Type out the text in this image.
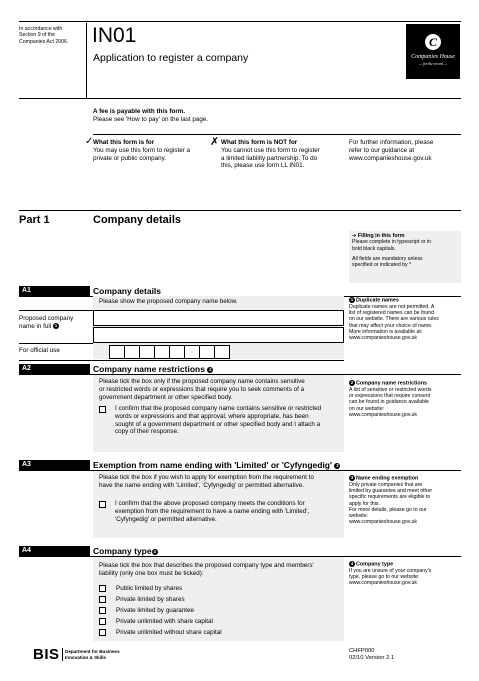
In accordance with
Section 9 of the
Companies Act 2006.	IN01
Application to register a company
C
Companies House
— for the record —
A fee is payable with this form.
Please see 'How to pay' on the last page.
✓ What this form is for
You may use this form to register a
private or public company.
✗ What this form is NOT for
You cannot use this form to register
a limited liability partnership. To do
this, please use form LL IN01.
For further information, please
refer to our guidance at
www.companieshouse.gov.uk
Part 1	Company details
➜ Filling in this form
Please complete in typescript or in
bold black capitals.
All fields are mandatory unless
specified or indicated by *
A1	Company details
Please show the proposed company name below.
Proposed company
name in full 1
For official use
1 Duplicate names
Duplicate names are not permitted. A
list of registered names can be found
on our website. There are various rules
that may affect your choice of name.
More information is available at:
www.companieshouse.gov.uk
A2	Company name restrictions 2
Please tick the box only if the proposed company name contains sensitive
or restricted words or expressions that require you to seek comments of a
government department or other specified body.
I confirm that the proposed company name contains sensitive or restricted
words or expressions and that approval, where appropriate, has been
sought of a government department or other specified body and I attach a
copy of their response.
2 Company name restrictions
A list of sensitive or restricted words
or expressions that require consent
can be found in guidance available
on our website:
www.companieshouse.gov.uk
A3	Exemption from name ending with 'Limited' or 'Cyfyngedig' 3
Please tick the box if you wish to apply for exemption from the requirement to
have the name ending with 'Limited', 'Cyfyngedig' or permitted alternative.
I confirm that the above proposed company meets the conditions for
exemption from the requirement to have a name ending with 'Limited',
'Cyfyngedig' or permitted alternative.
3 Name ending exemption
Only private companies that are
limited by guarantee and meet other
specific requirements are eligible to
apply for this.
For more details, please go to our
website:
www.companieshouse.gov.uk
A4	Company type 4
Please tick the box that describes the proposed company type and members'
liability (only one box must be ticked):
Public limited by shares
Private limited by shares
Private limited by guarantee
Private unlimited with share capital
Private unlimited without share capital
4 Company type
If you are unsure of your company's
type, please go to our website:
www.companieshouse.gov.uk
BIS Department for Business
Innovation & Skills
CHFP000
02/10 Version 2.1
